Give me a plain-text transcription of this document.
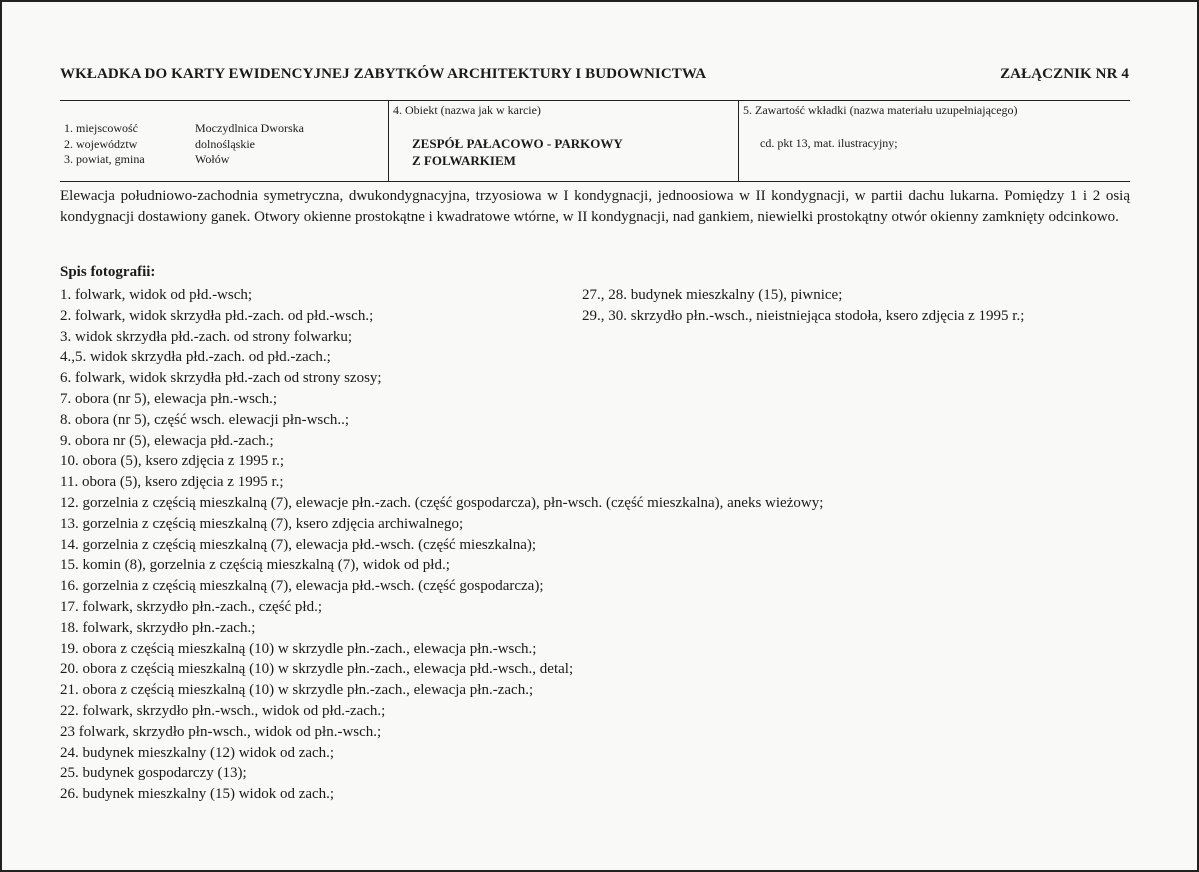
WKŁADKA DO KARTY EWIDENCYJNEJ ZABYTKÓW ARCHITEKTURY I BUDOWNICTWA	ZAŁĄCZNIK NR 4
1. miejscowość
2. województw
3. powiat, gmina
Moczydlnica Dworska
dolnośląskie
Wołów
4. Obiekt (nazwa jak w karcie)
ZESPÓŁ PAŁACOWO - PARKOWY
Z FOLWARKIEM
5. Zawartość wkładki (nazwa materiału uzupełniającego)
cd. pkt 13, mat. ilustracyjny;
Elewacja południowo-zachodnia symetryczna, dwukondygnacyjna, trzyosiowa w I kondygnacji, jednoosiowa w II kondygnacji, w partii dachu lukarna. Pomiędzy 1 i 2 osią kondygnacji dostawiony ganek. Otwory okienne prostokątne i kwadratowe wtórne, w II kondygnacji, nad gankiem, niewielki prostokątny otwór okienny zamknięty odcinkowo.
Spis fotografii:
1. folwark, widok od płd.-wsch;
2. folwark, widok skrzydła płd.-zach. od płd.-wsch.;
3. widok skrzydła płd.-zach. od strony folwarku;
4.,5. widok skrzydła płd.-zach. od płd.-zach.;
6. folwark, widok skrzydła płd.-zach od strony szosy;
7. obora (nr 5), elewacja płn.-wsch.;
8. obora (nr 5), część wsch. elewacji płn-wsch..;
9. obora nr (5), elewacja płd.-zach.;
10. obora (5), ksero zdjęcia z 1995 r.;
11. obora (5), ksero zdjęcia z 1995 r.;
12. gorzelnia z częścią mieszkalną (7), elewacje płn.-zach. (część gospodarcza), płn-wsch. (część mieszkalna), aneks wieżowy;
13. gorzelnia z częścią mieszkalną (7), ksero zdjęcia archiwalnego;
14. gorzelnia z częścią mieszkalną (7), elewacja płd.-wsch. (część mieszkalna);
15. komin (8), gorzelnia z częścią mieszkalną (7), widok od płd.;
16. gorzelnia z częścią mieszkalną (7), elewacja płd.-wsch. (część gospodarcza);
17. folwark, skrzydło płn.-zach., część płd.;
18. folwark, skrzydło płn.-zach.;
19. obora z częścią mieszkalną (10) w skrzydle płn.-zach., elewacja płn.-wsch.;
20. obora z częścią mieszkalną (10) w skrzydle płn.-zach., elewacja płd.-wsch., detal;
21. obora z częścią mieszkalną (10) w skrzydle płn.-zach., elewacja płn.-zach.;
22. folwark, skrzydło płn.-wsch., widok od płd.-zach.;
23 folwark, skrzydło płn-wsch., widok od płn.-wsch.;
24. budynek mieszkalny (12) widok od zach.;
25. budynek gospodarczy (13);
26. budynek mieszkalny (15) widok od zach.;
27., 28. budynek mieszkalny (15), piwnice;
29., 30. skrzydło płn.-wsch., nieistniejąca stodoła, ksero zdjęcia z 1995 r.;
